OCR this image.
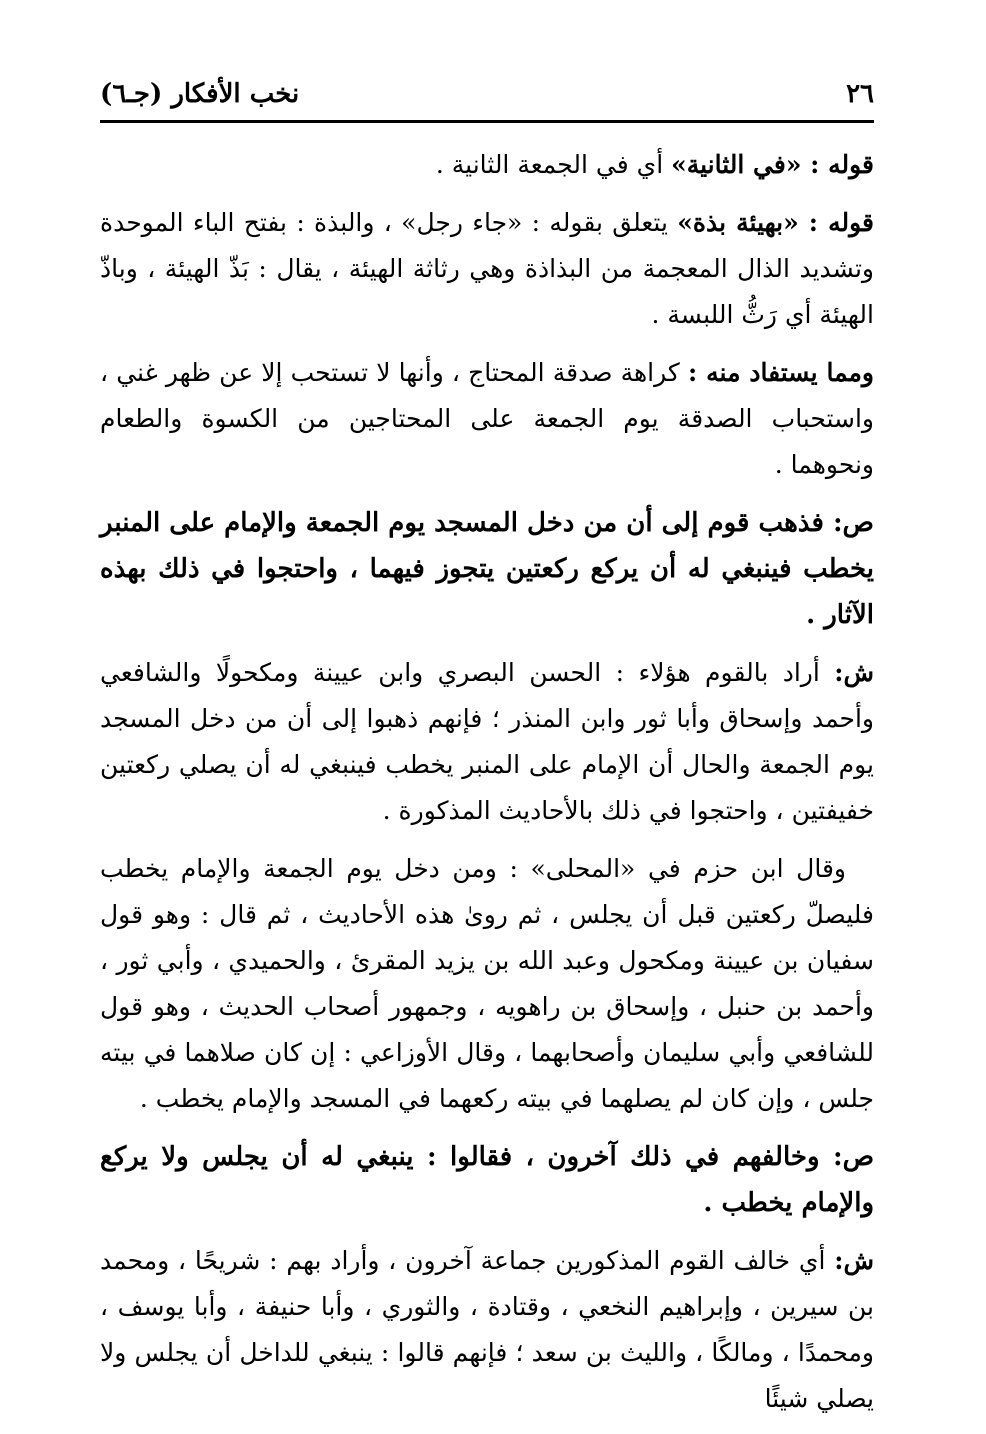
٢٦
نخب الأفكار (جـ٦)

قوله : «في الثانية» أي في الجمعة الثانية .

قوله : «بهيئة بذة» يتعلق بقوله : «جاء رجل» ، والبذة : بفتح الباء الموحدة وتشديد الذال المعجمة من البذاذة وهي رثاثة الهيئة ، يقال : بَذّ الهيئة ، وباذّ الهيئة أي رَثُّ اللبسة .

ومما يستفاد منه : كراهة صدقة المحتاج ، وأنها لا تستحب إلا عن ظهر غني ، واستحباب الصدقة يوم الجمعة على المحتاجين من الكسوة والطعام ونحوهما .

ص: فذهب قوم إلى أن من دخل المسجد يوم الجمعة والإمام على المنبر يخطب فينبغي له أن يركع ركعتين يتجوز فيهما ، واحتجوا في ذلك بهذه الآثار .

ش: أراد بالقوم هؤلاء : الحسن البصري وابن عيينة ومكحولًا والشافعي وأحمد وإسحاق وأبا ثور وابن المنذر ؛ فإنهم ذهبوا إلى أن من دخل المسجد يوم الجمعة والحال أن الإمام على المنبر يخطب فينبغي له أن يصلي ركعتين خفيفتين ، واحتجوا في ذلك بالأحاديث المذكورة .

وقال ابن حزم في «المحلى» : ومن دخل يوم الجمعة والإمام يخطب فليصلّ ركعتين قبل أن يجلس ، ثم روىٰ هذه الأحاديث ، ثم قال : وهو قول سفيان بن عيينة ومكحول وعبد الله بن يزيد المقرئ ، والحميدي ، وأبي ثور ، وأحمد بن حنبل ، وإسحاق بن راهويه ، وجمهور أصحاب الحديث ، وهو قول للشافعي وأبي سليمان وأصحابهما ، وقال الأوزاعي : إن كان صلاهما في بيته جلس ، وإن كان لم يصلهما في بيته ركعهما في المسجد والإمام يخطب .

ص: وخالفهم في ذلك آخرون ، فقالوا : ينبغي له أن يجلس ولا يركع والإمام يخطب .

ش: أي خالف القوم المذكورين جماعة آخرون ، وأراد بهم : شريحًا ، ومحمد بن سيرين ، وإبراهيم النخعي ، وقتادة ، والثوري ، وأبا حنيفة ، وأبا يوسف ، ومحمدًا ، ومالكًا ، والليث بن سعد ؛ فإنهم قالوا : ينبغي للداخل أن يجلس ولا يصلي شيئًا
